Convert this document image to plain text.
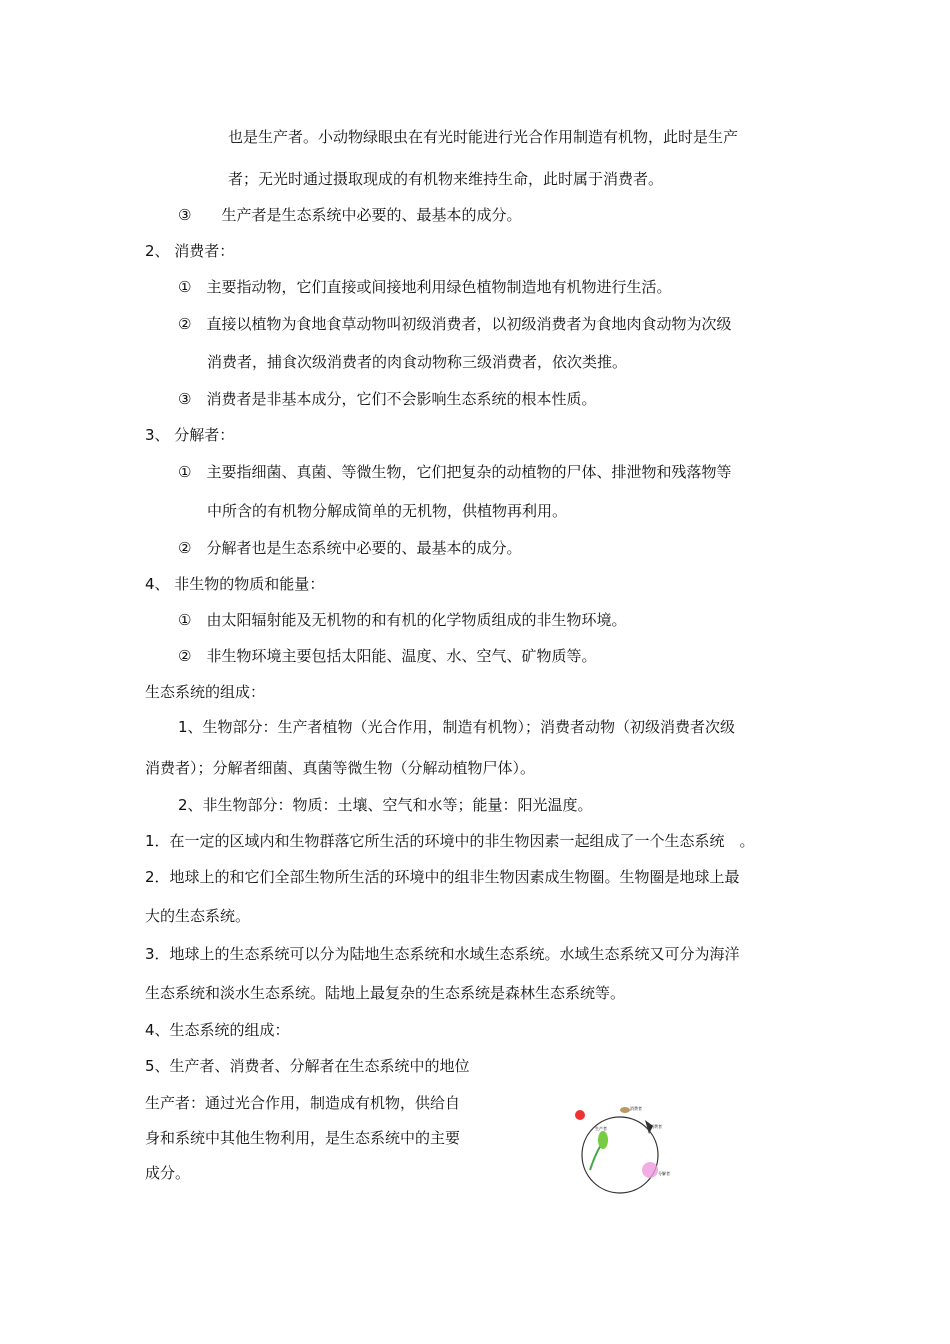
也是生产者。小动物绿眼虫在有光时能进行光合作用制造有机物，此时是生产
者；无光时通过摄取现成的有机物来维持生命，此时属于消费者。
③　　生产者是生态系统中必要的、最基本的成分。
2、 消费者：
①　主要指动物，它们直接或间接地利用绿色植物制造地有机物进行生活。
②　直接以植物为食地食草动物叫初级消费者，以初级消费者为食地肉食动物为次级
消费者，捕食次级消费者的肉食动物称三级消费者，依次类推。
③　消费者是非基本成分，它们不会影响生态系统的根本性质。
3、 分解者：
①　主要指细菌、真菌、等微生物，它们把复杂的动植物的尸体、排泄物和残落物等
中所含的有机物分解成简单的无机物，供植物再利用。
②　分解者也是生态系统中必要的、最基本的成分。
4、 非生物的物质和能量：
①　由太阳辐射能及无机物的和有机的化学物质组成的非生物环境。
②　非生物环境主要包括太阳能、温度、水、空气、矿物质等。
生态系统的组成：
1、生物部分：生产者植物（光合作用，制造有机物）；消费者动物（初级消费者次级
消费者）；分解者细菌、真菌等微生物（分解动植物尸体）。
2、非生物部分：物质：土壤、空气和水等；能量：阳光温度。
1．在一定的区域内和生物群落它所生活的环境中的非生物因素一起组成了一个生态系统　。
2．地球上的和它们全部生物所生活的环境中的组非生物因素成生物圈。生物圈是地球上最
大的生态系统。
3．地球上的生态系统可以分为陆地生态系统和水域生态系统。水域生态系统又可分为海洋
生态系统和淡水生态系统。陆地上最复杂的生态系统是森林生态系统等。
4、生态系统的组成：
5、生产者、消费者、分解者在生态系统中的地位
生产者：通过光合作用，制造成有机物，供给自
身和系统中其他生物利用，是生态系统中的主要
成分。
生产者
消费者
消费者
分解者
